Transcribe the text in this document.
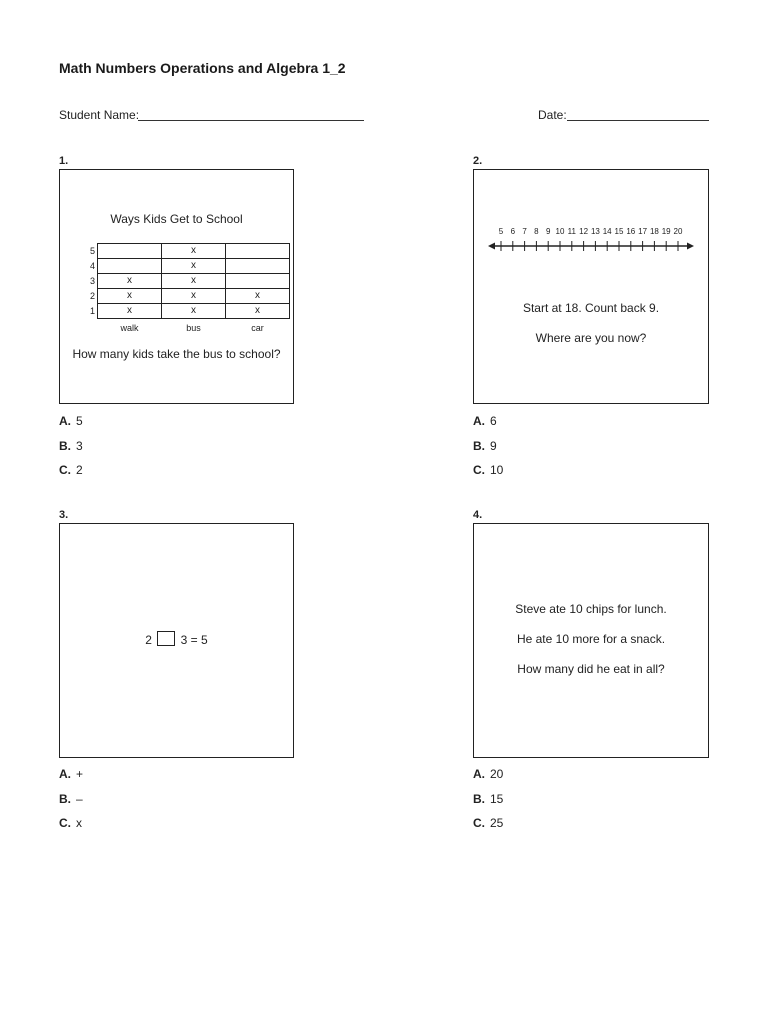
Math Numbers Operations and Algebra 1_2
Student Name:	Date:
1.
Ways Kids Get to School
5		x	
4		x	
3	x	x	
2	x	x	x
1	x	x	x
	walk	bus	car
How many kids take the bus to school?
A. 5
B. 3
C. 2
2.
5 6 7 8 9 10 11 12 13 14 15 16 17 18 19 20
Start at 18. Count back 9.
Where are you now?
A. 6
B. 9
C. 10
3.
2 3 = 5
A. +
B. –
C. x
4.
Steve ate 10 chips for lunch.
He ate 10 more for a snack.
How many did he eat in all?
A. 20
B. 15
C. 25
